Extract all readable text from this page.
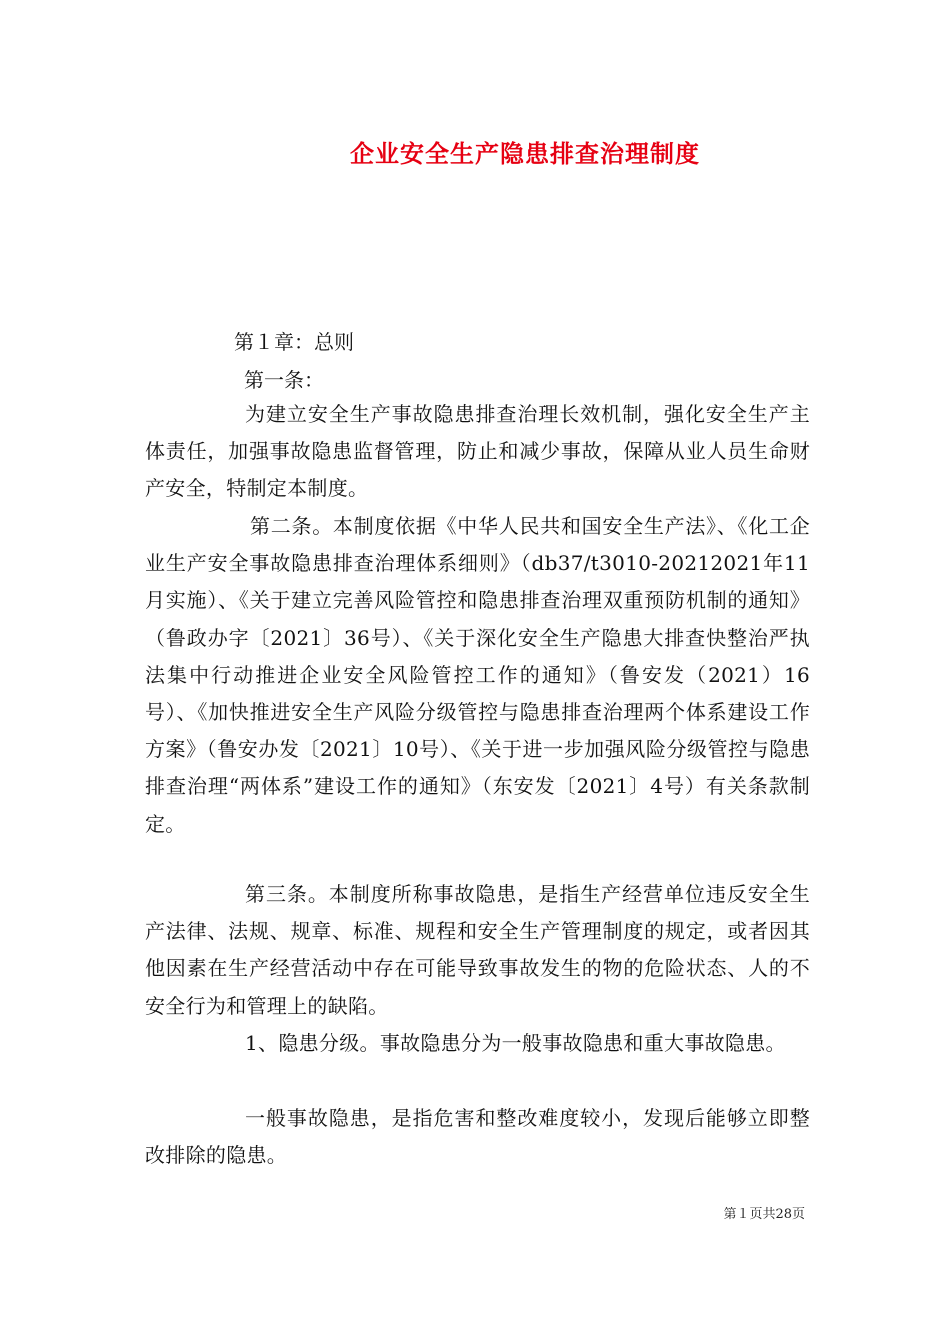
企业安全生产隐患排查治理制度

第１章：总则

第一条：

为建立安全生产事故隐患排查治理长效机制，强化安全生产主体责任，加强事故隐患监督管理，防止和减少事故，保障从业人员生命财产安全，特制定本制度。

第二条。本制度依据《中华人民共和国安全生产法》、《化工企业生产安全事故隐患排查治理体系细则》（db37/t3010-20212021年11月实施）、《关于建立完善风险管控和隐患排查治理双重预防机制的通知》（鲁政办字〔2021〕36号）、《关于深化安全生产隐患大排查快整治严执法集中行动推进企业安全风险管控工作的通知》（鲁安发（2021）16号）、《加快推进安全生产风险分级管控与隐患排查治理两个体系建设工作方案》（鲁安办发〔2021〕10号）、《关于进一步加强风险分级管控与隐患排查治理“两体系”建设工作的通知》（东安发〔2021〕4号）有关条款制定。

第三条。本制度所称事故隐患，是指生产经营单位违反安全生产法律、法规、规章、标准、规程和安全生产管理制度的规定，或者因其他因素在生产经营活动中存在可能导致事故发生的物的危险状态、人的不安全行为和管理上的缺陷。

1、隐患分级。事故隐患分为一般事故隐患和重大事故隐患。

一般事故隐患，是指危害和整改难度较小，发现后能够立即整改排除的隐患。

第１页共28页
